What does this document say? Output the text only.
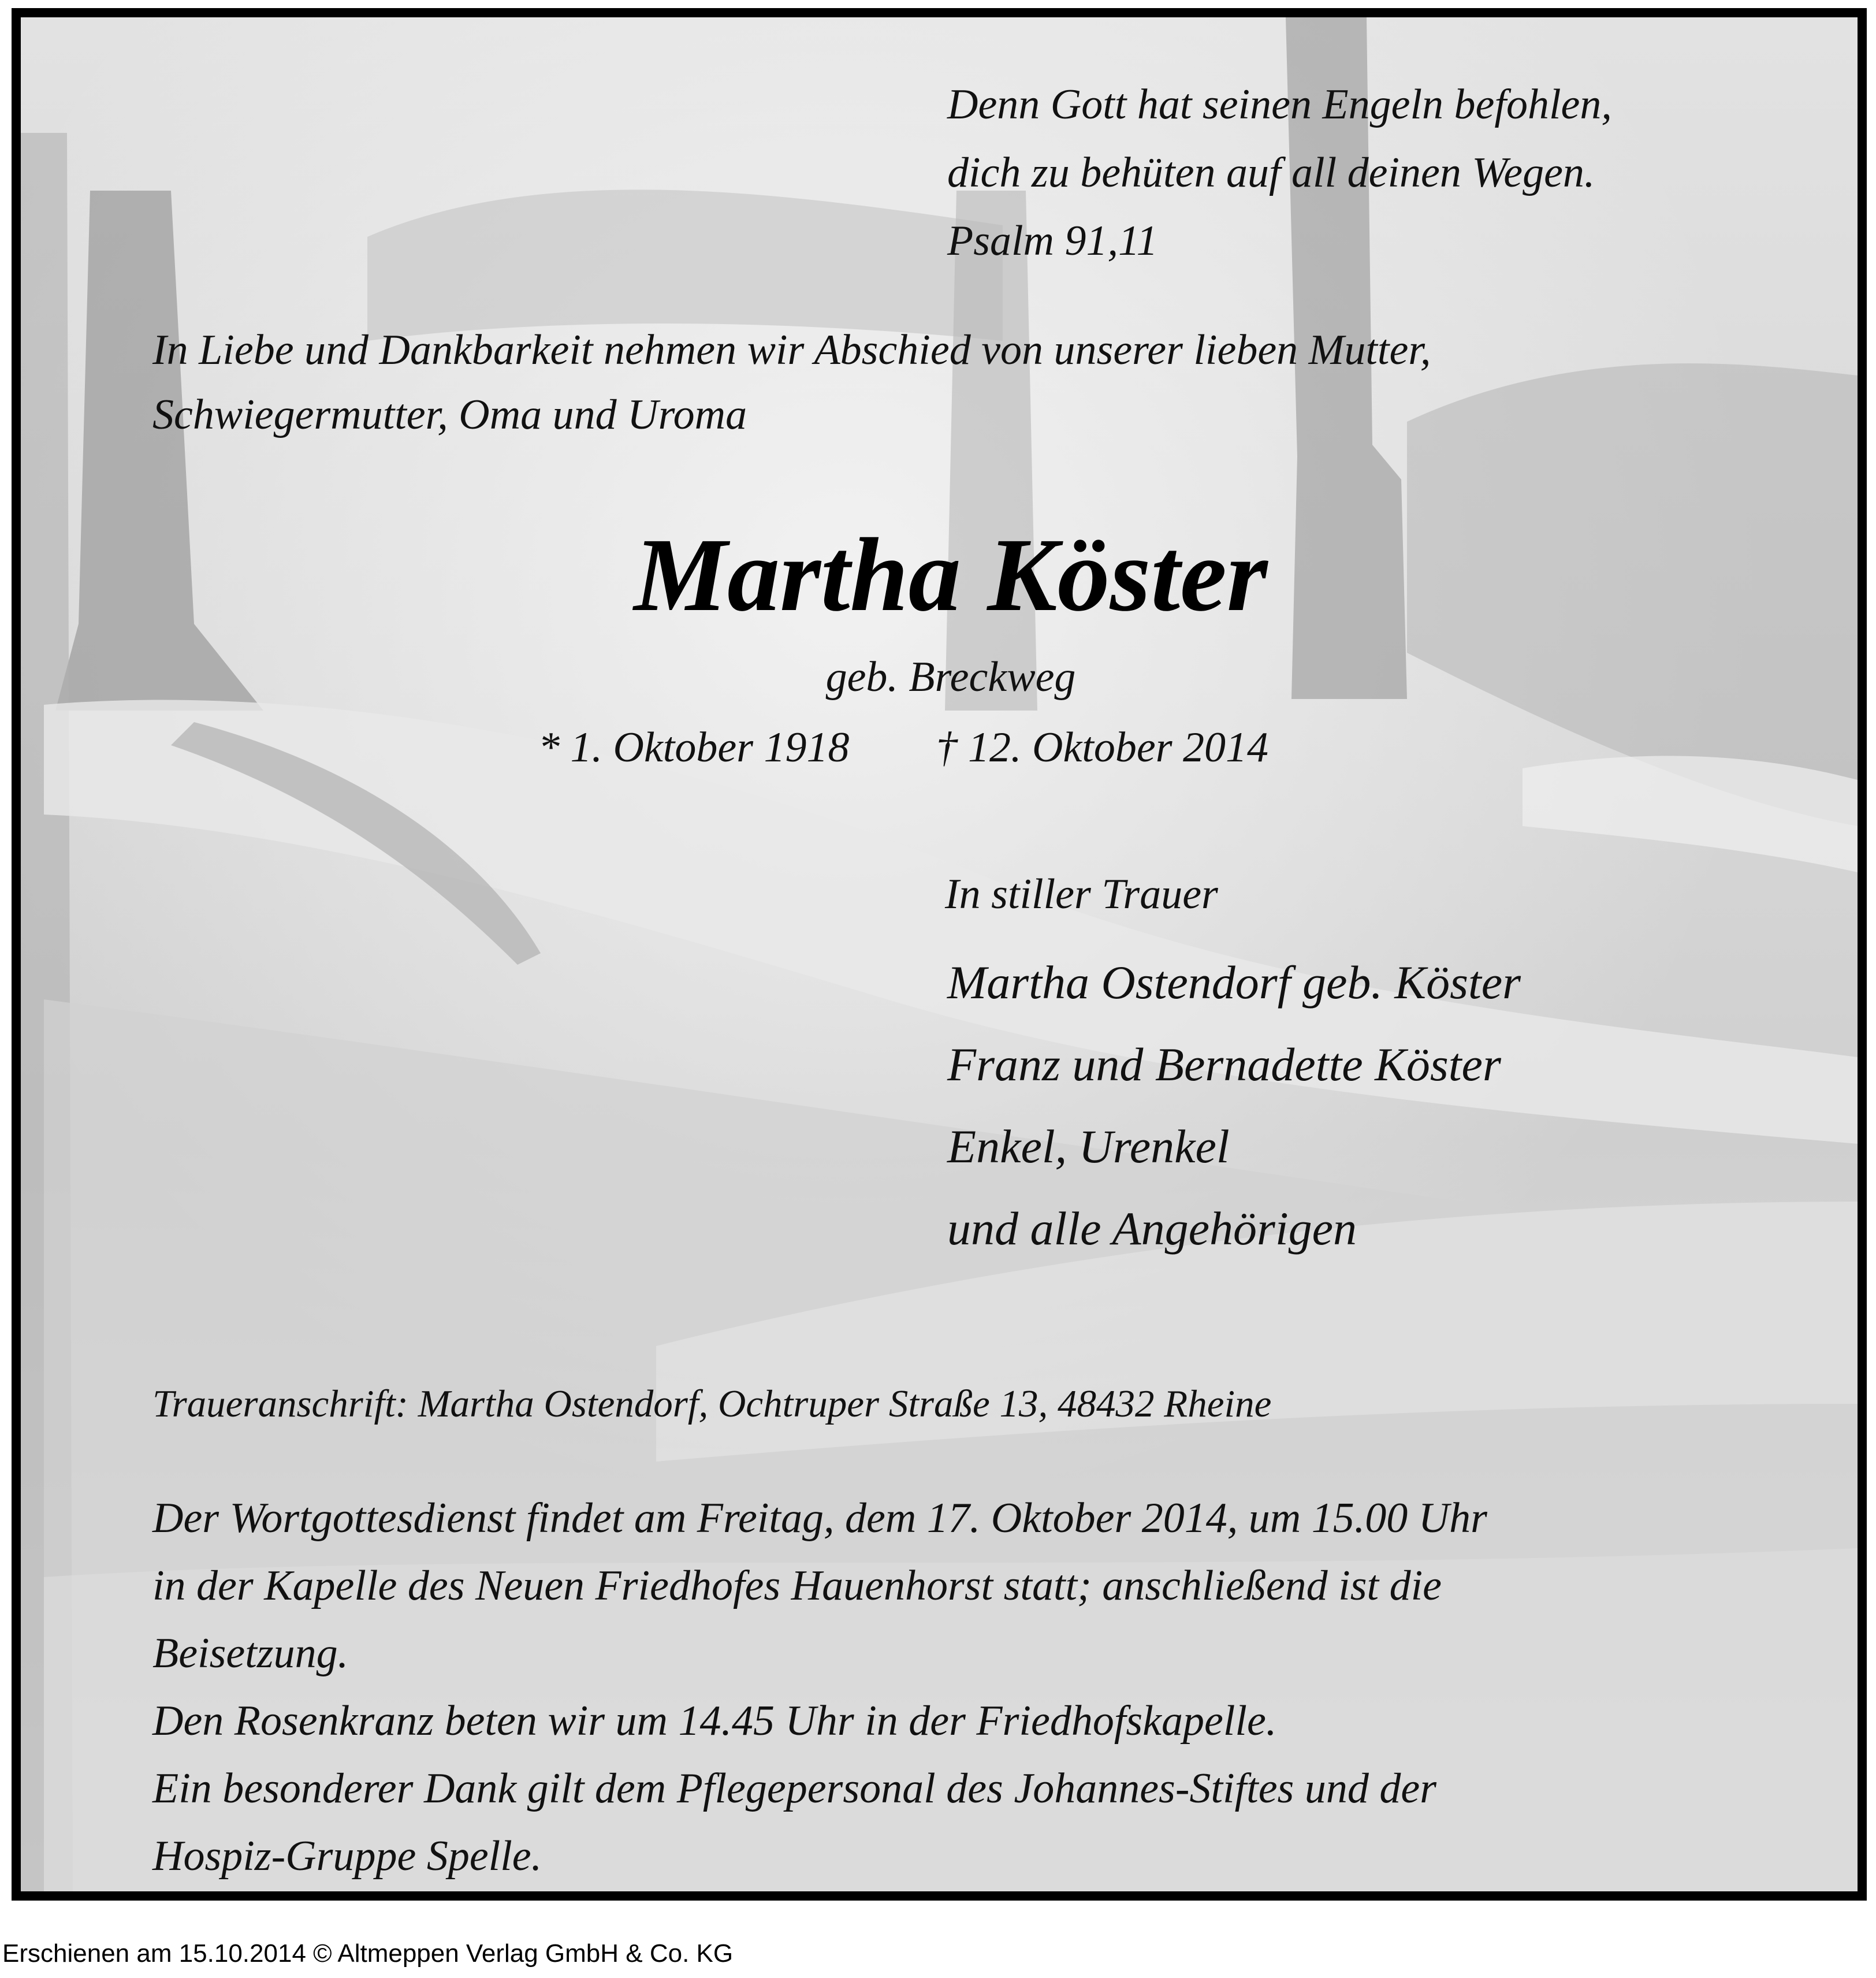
Denn Gott hat seinen Engeln befohlen,
dich zu behüten auf all deinen Wegen.
Psalm 91,11
In Liebe und Dankbarkeit nehmen wir Abschied von unserer lieben Mutter,
Schwiegermutter, Oma und Uroma
Martha Köster
geb. Breckweg
* 1. Oktober 1918 † 12. Oktober 2014
In stiller Trauer
Martha Ostendorf geb. Köster
Franz und Bernadette Köster
Enkel, Urenkel
und alle Angehörigen
Traueranschrift: Martha Ostendorf, Ochtruper Straße 13, 48432 Rheine
Der Wortgottesdienst findet am Freitag, dem 17. Oktober 2014, um 15.00 Uhr
in der Kapelle des Neuen Friedhofes Hauenhorst statt; anschließend ist die
Beisetzung.
Den Rosenkranz beten wir um 14.45 Uhr in der Friedhofskapelle.
Ein besonderer Dank gilt dem Pflegepersonal des Johannes-Stiftes und der
Hospiz-Gruppe Spelle.
Erschienen am 15.10.2014 © Altmeppen Verlag GmbH & Co. KG
